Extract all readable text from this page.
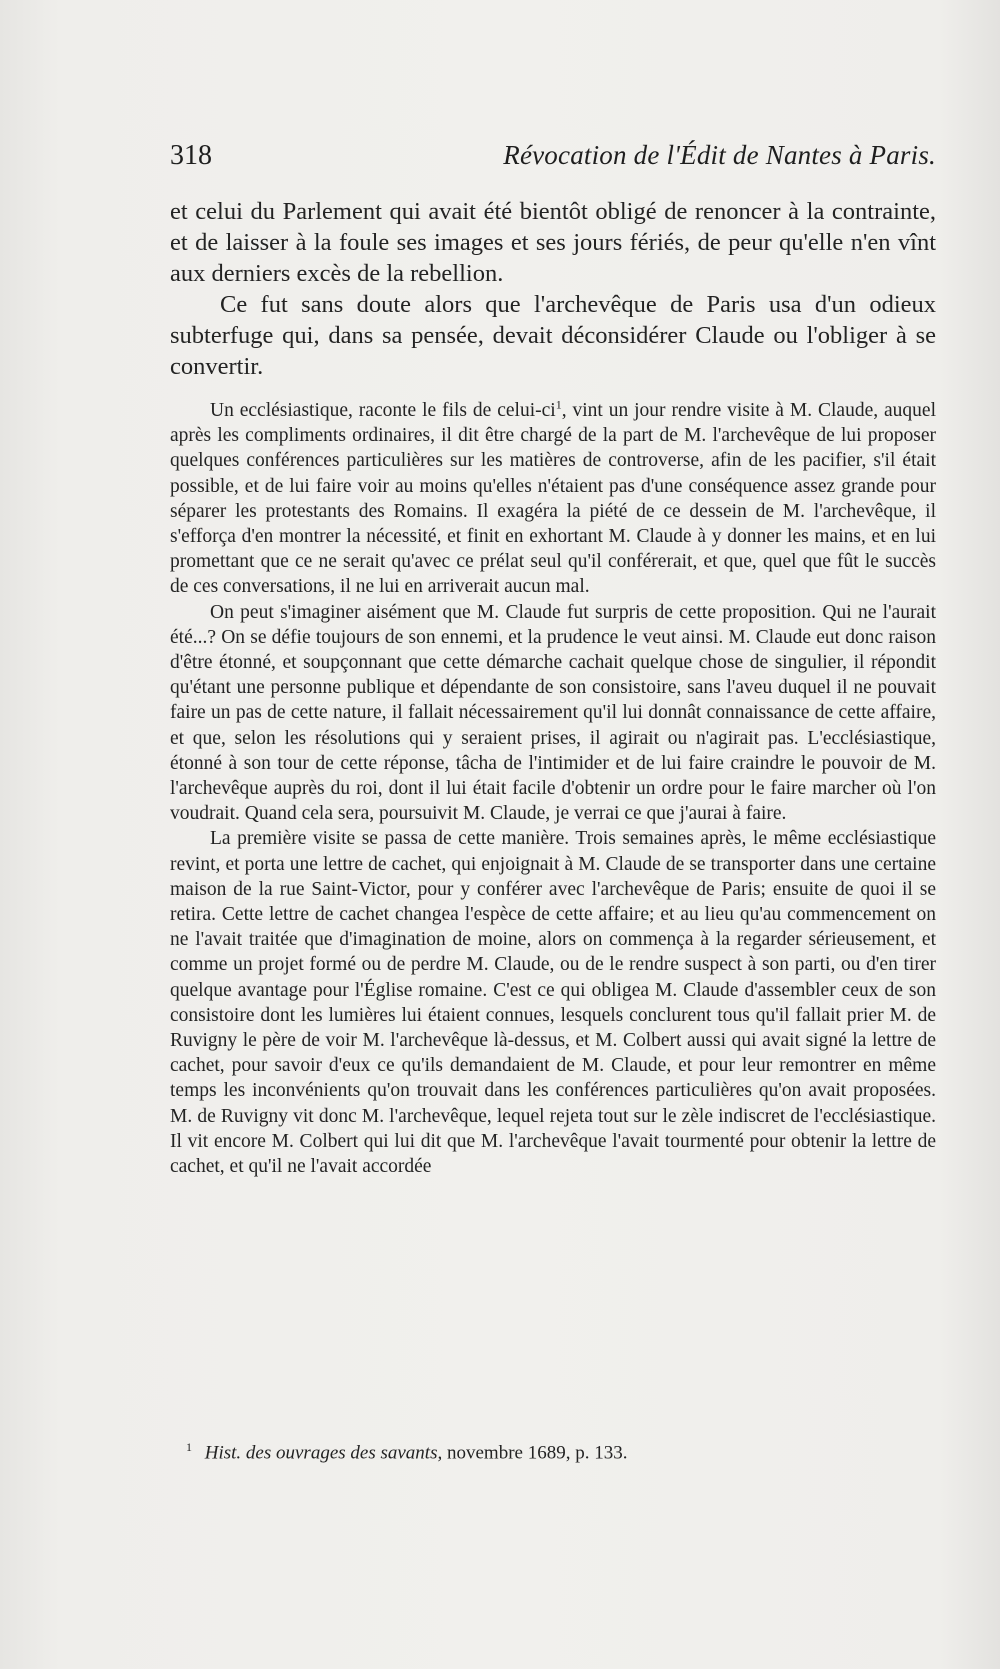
318	Révocation de l'Édit de Nantes à Paris.

et celui du Parlement qui avait été bientôt obligé de renoncer à la contrainte, et de laisser à la foule ses images et ses jours fériés, de peur qu'elle n'en vînt aux derniers excès de la rebellion.

Ce fut sans doute alors que l'archevêque de Paris usa d'un odieux subterfuge qui, dans sa pensée, devait déconsidérer Claude ou l'obliger à se convertir.

Un ecclésiastique, raconte le fils de celui-ci$^1$, vint un jour rendre visite à M. Claude, auquel après les compliments ordinaires, il dit être chargé de la part de M. l'archevêque de lui proposer quelques conférences particulières sur les matières de controverse, afin de les pacifier, s'il était possible, et de lui faire voir au moins qu'elles n'étaient pas d'une conséquence assez grande pour séparer les protestants des Romains. Il exagéra la piété de ce dessein de M. l'archevêque, il s'efforça d'en montrer la nécessité, et finit en exhortant M. Claude à y donner les mains, et en lui promettant que ce ne serait qu'avec ce prélat seul qu'il conférerait, et que, quel que fût le succès de ces conversations, il ne lui en arriverait aucun mal.

On peut s'imaginer aisément que M. Claude fut surpris de cette proposition. Qui ne l'aurait été...? On se défie toujours de son ennemi, et la prudence le veut ainsi. M. Claude eut donc raison d'être étonné, et soupçonnant que cette démarche cachait quelque chose de singulier, il répondit qu'étant une personne publique et dépendante de son consistoire, sans l'aveu duquel il ne pouvait faire un pas de cette nature, il fallait nécessairement qu'il lui donnât connaissance de cette affaire, et que, selon les résolutions qui y seraient prises, il agirait ou n'agirait pas. L'ecclésiastique, étonné à son tour de cette réponse, tâcha de l'intimider et de lui faire craindre le pouvoir de M. l'archevêque auprès du roi, dont il lui était facile d'obtenir un ordre pour le faire marcher où l'on voudrait. Quand cela sera, poursuivit M. Claude, je verrai ce que j'aurai à faire.

La première visite se passa de cette manière. Trois semaines après, le même ecclésiastique revint, et porta une lettre de cachet, qui enjoignait à M. Claude de se transporter dans une certaine maison de la rue Saint-Victor, pour y conférer avec l'archevêque de Paris; ensuite de quoi il se retira. Cette lettre de cachet changea l'espèce de cette affaire; et au lieu qu'au commencement on ne l'avait traitée que d'imagination de moine, alors on commença à la regarder sérieusement, et comme un projet formé ou de perdre M. Claude, ou de le rendre suspect à son parti, ou d'en tirer quelque avantage pour l'Église romaine. C'est ce qui obligea M. Claude d'assembler ceux de son consistoire dont les lumières lui étaient connues, lesquels conclurent tous qu'il fallait prier M. de Ruvigny le père de voir M. l'archevêque là-dessus, et M. Colbert aussi qui avait signé la lettre de cachet, pour savoir d'eux ce qu'ils demandaient de M. Claude, et pour leur remontrer en même temps les inconvénients qu'on trouvait dans les conférences particulières qu'on avait proposées. M. de Ruvigny vit donc M. l'archevêque, lequel rejeta tout sur le zèle indiscret de l'ecclésiastique. Il vit encore M. Colbert qui lui dit que M. l'archevêque l'avait tourmenté pour obtenir la lettre de cachet, et qu'il ne l'avait accordée

$^1$ Hist. des ouvrages des savants, novembre 1689, p. 133.
